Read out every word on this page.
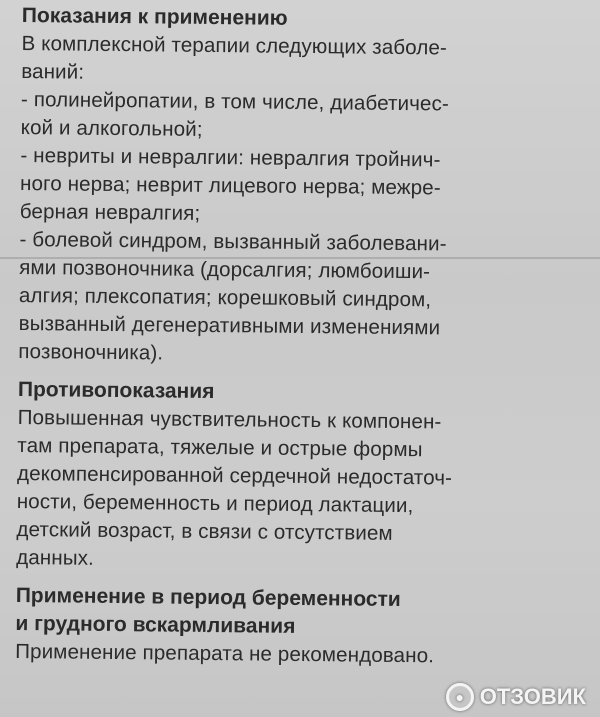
Показания к применению
В комплексной терапии следующих заболе-
ваний:
- полинейропатии, в том числе, диабетичес-
кой и алкогольной;
- невриты и невралгии: невралгия тройнич-
ного нерва; неврит лицевого нерва; межре-
берная невралгия;
- болевой синдром, вызванный заболевани-
ями позвоночника (дорсалгия; люмбоиши-
алгия; плексопатия; корешковый синдром,
вызванный дегенеративными изменениями
позвоночника).
Противопоказания
Повышенная чувствительность к компонен-
там препарата, тяжелые и острые формы
декомпенсированной сердечной недостаточ-
ности, беременность и период лактации,
детский возраст, в связи с отсутствием
данных.
Применение в период беременности
и грудного вскармливания
Применение препарата не рекомендовано.
● ОТЗОВИК
